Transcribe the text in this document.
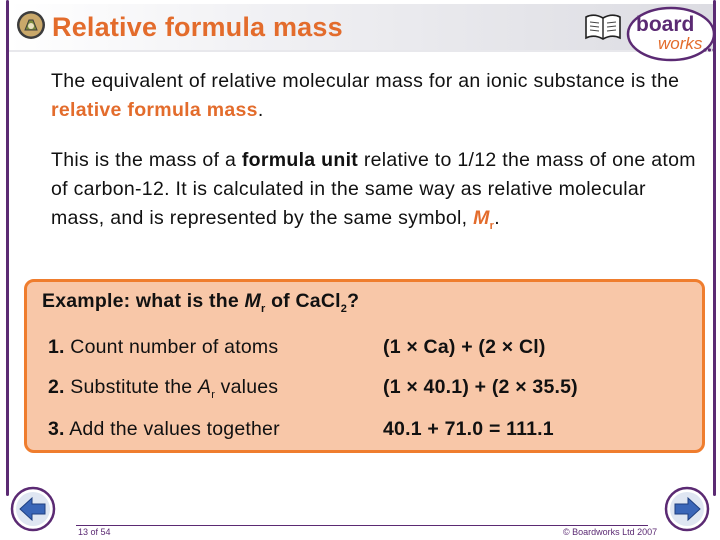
Relative formula mass	board
works
The equivalent of relative molecular mass for an ionic substance is the relative formula mass.
This is the mass of a formula unit relative to 1/12 the mass of one atom of carbon-12. It is calculated in the same way as relative molecular mass, and is represented by the same symbol, $M_r$.
Example: what is the $M_r$ of CaCl$_2$?
1. Count number of atoms	(1 × Ca) + (2 × Cl)
2. Substitute the $A_r$ values	(1 × 40.1) + (2 × 35.5)
3. Add the values together	40.1 + 71.0 = 111.1
13 of 54	© Boardworks Ltd 2007
